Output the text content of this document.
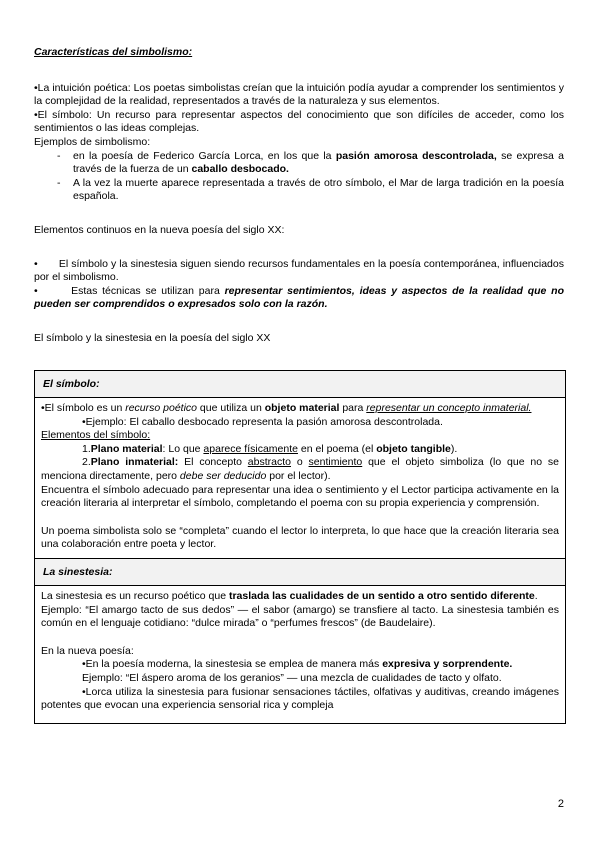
Características del simbolismo:

•La intuición poética: Los poetas simbolistas creían que la intuición podía ayudar a comprender los sentimientos y la complejidad de la realidad, representados a través de la naturaleza y sus elementos.

•El símbolo: Un recurso para representar aspectos del conocimiento que son difíciles de acceder, como los sentimientos o las ideas complejas.

Ejemplos de simbolismo:

- en la poesía de Federico García Lorca, en los que la pasión amorosa descontrolada, se expresa a través de la fuerza de un caballo desbocado.
- A la vez la muerte aparece representada a través de otro símbolo, el Mar de larga tradición en la poesía española.

Elementos continuos en la nueva poesía del siglo XX:

•       El símbolo y la sinestesia siguen siendo recursos fundamentales en la poesía contemporánea, influenciados por el simbolismo.

•       Estas técnicas se utilizan para representar sentimientos, ideas y aspectos de la realidad que no pueden ser comprendidos o expresados solo con la razón.

El símbolo y la sinestesia en la poesía del siglo XX

El símbolo:

•El símbolo es un recurso poético que utiliza un objeto material para representar un concepto inmaterial.

•Ejemplo: El caballo desbocado representa la pasión amorosa descontrolada.

Elementos del símbolo:

1.Plano material: Lo que aparece físicamente en el poema (el objeto tangible).

2.Plano inmaterial: El concepto abstracto o sentimiento que el objeto simboliza (lo que no se menciona directamente, pero debe ser deducido por el lector).

Encuentra el símbolo adecuado para representar una idea o sentimiento y el Lector participa activamente en la creación literaria al interpretar el símbolo, completando el poema con su propia experiencia y comprensión.

Un poema simbolista solo se “completa” cuando el lector lo interpreta, lo que hace que la creación literaria sea una colaboración entre poeta y lector.

La sinestesia:

La sinestesia es un recurso poético que traslada las cualidades de un sentido a otro sentido diferente.

Ejemplo: “El amargo tacto de sus dedos” — el sabor (amargo) se transfiere al tacto. La sinestesia también es común en el lenguaje cotidiano: “dulce mirada” o “perfumes frescos” (de Baudelaire).

En la nueva poesía:

•En la poesía moderna, la sinestesia se emplea de manera más expresiva y sorprendente.

Ejemplo: “El áspero aroma de los geranios” — una mezcla de cualidades de tacto y olfato.

•Lorca utiliza la sinestesia para fusionar sensaciones táctiles, olfativas y auditivas, creando imágenes potentes que evocan una experiencia sensorial rica y compleja

2
